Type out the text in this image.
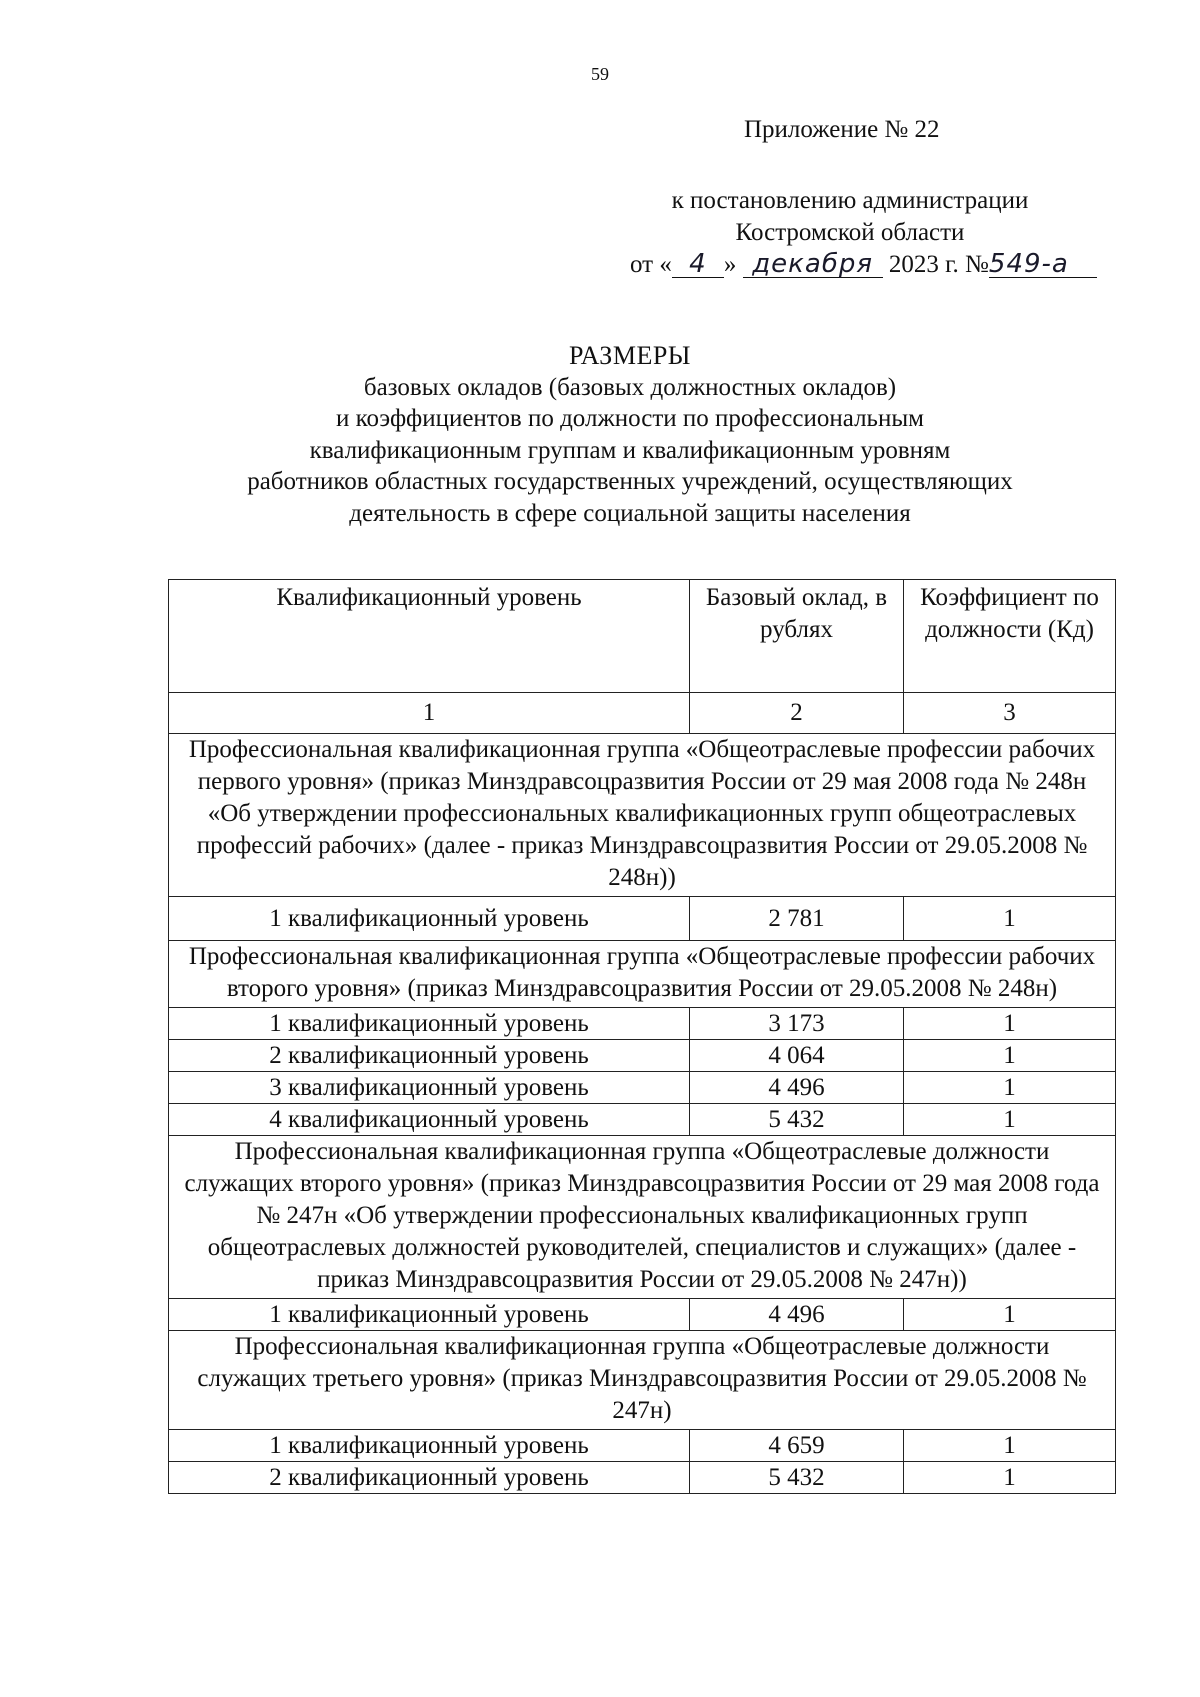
59
Приложение № 22
к постановлению администрации
Костромской области
от « 4 » декабря 2023 г. №549-а
РАЗМЕРЫ
базовых окладов (базовых должностных окладов)
и коэффициентов по должности по профессиональным
квалификационным группам и квалификационным уровням
работников областных государственных учреждений, осуществляющих
деятельность в сфере социальной защиты населения
Квалификационный уровень	Базовый оклад, в рублях	Коэффициент по должности (Кд)
1	2	3
Профессиональная квалификационная группа «Общеотраслевые профессии рабочих первого уровня» (приказ Минздравсоцразвития России от 29 мая 2008 года № 248н «Об утверждении профессиональных квалификационных групп общеотраслевых профессий рабочих» (далее - приказ Минздравсоцразвития России от 29.05.2008 № 248н))		
1 квалификационный уровень	2 781	1
Профессиональная квалификационная группа «Общеотраслевые профессии рабочих второго уровня» (приказ Минздравсоцразвития России от 29.05.2008 № 248н)		
1 квалификационный уровень	3 173	1
2 квалификационный уровень	4 064	1
3 квалификационный уровень	4 496	1
4 квалификационный уровень	5 432	1
Профессиональная квалификационная группа «Общеотраслевые должности служащих второго уровня» (приказ Минздравсоцразвития России от 29 мая 2008 года № 247н «Об утверждении профессиональных квалификационных групп общеотраслевых должностей руководителей, специалистов и служащих» (далее - приказ Минздравсоцразвития России от 29.05.2008 № 247н))		
1 квалификационный уровень	4 496	1
Профессиональная квалификационная группа «Общеотраслевые должности служащих третьего уровня» (приказ Минздравсоцразвития России от 29.05.2008 № 247н)		
1 квалификационный уровень	4 659	1
2 квалификационный уровень	5 432	1
